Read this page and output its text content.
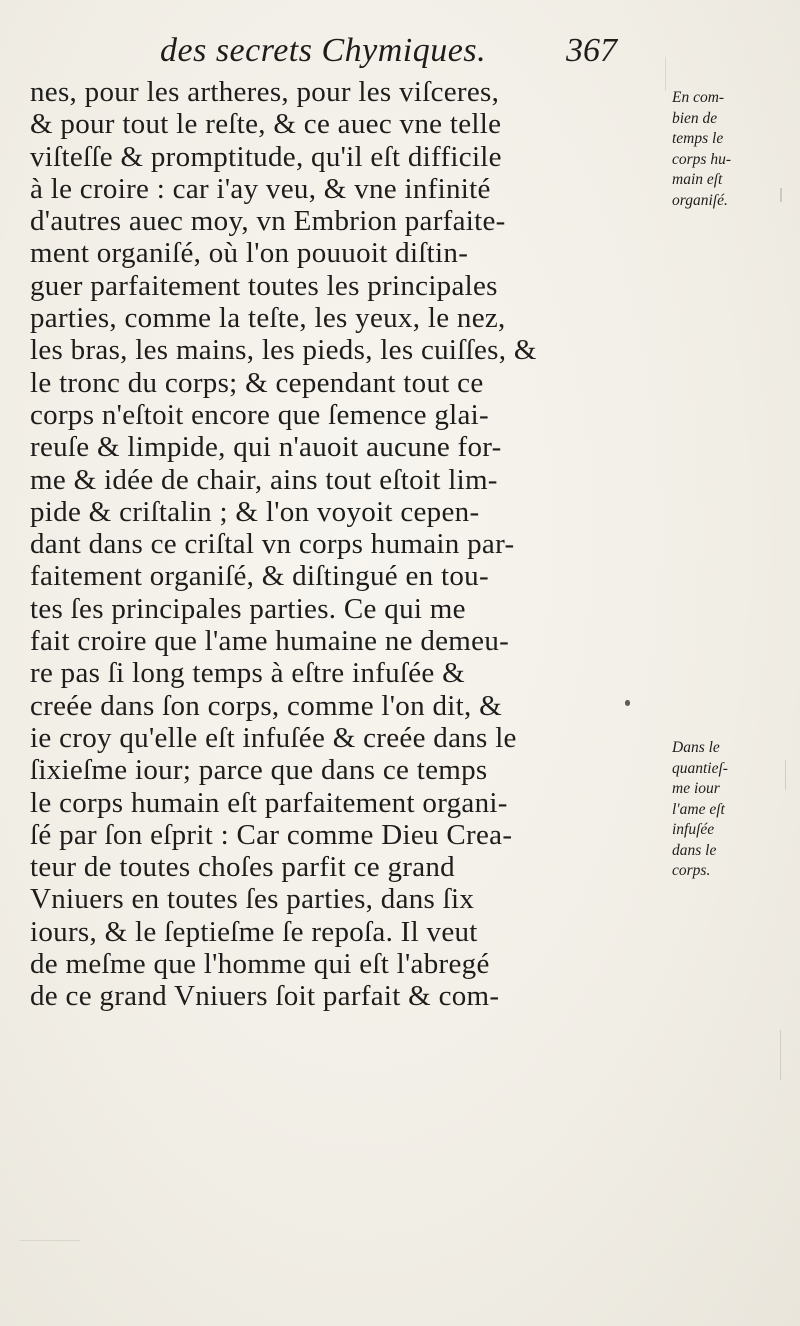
des secrets Chymiques. 367
nes, pour les artheres, pour les viſceres,
& pour tout le reſte, & ce auec vne telle
viſteſſe & promptitude, qu'il eſt difficile
à le croire : car i'ay veu, & vne infinité
d'autres auec moy, vn Embrion parfaite-
ment organiſé, où l'on pouuoit diſtin-
guer parfaitement toutes les principales
parties, comme la teſte, les yeux, le nez,
les bras, les mains, les pieds, les cuiſſes, &
le tronc du corps; & cependant tout ce
corps n'eſtoit encore que ſemence glai-
reuſe & limpide, qui n'auoit aucune for-
me & idée de chair, ains tout eſtoit lim-
pide & criſtalin ; & l'on voyoit cepen-
dant dans ce criſtal vn corps humain par-
faitement organiſé, & diſtingué en tou-
tes ſes principales parties. Ce qui me
fait croire que l'ame humaine ne demeu-
re pas ſi long temps à eſtre infuſée &
creée dans ſon corps, comme l'on dit, &
ie croy qu'elle eſt infuſée & creée dans le
ſixieſme iour; parce que dans ce temps
le corps humain eſt parfaitement organi-
ſé par ſon eſprit : Car comme Dieu Crea-
teur de toutes choſes parfit ce grand
Vniuers en toutes ſes parties, dans ſix
iours, & le ſeptieſme ſe repoſa. Il veut
de meſme que l'homme qui eſt l'abregé
de ce grand Vniuers ſoit parfait & com-
En com-
bien de
temps le
corps hu-
main eſt
organiſé.
Dans le
quantieſ-
me iour
l'ame eſt
infuſée
dans le
corps.
